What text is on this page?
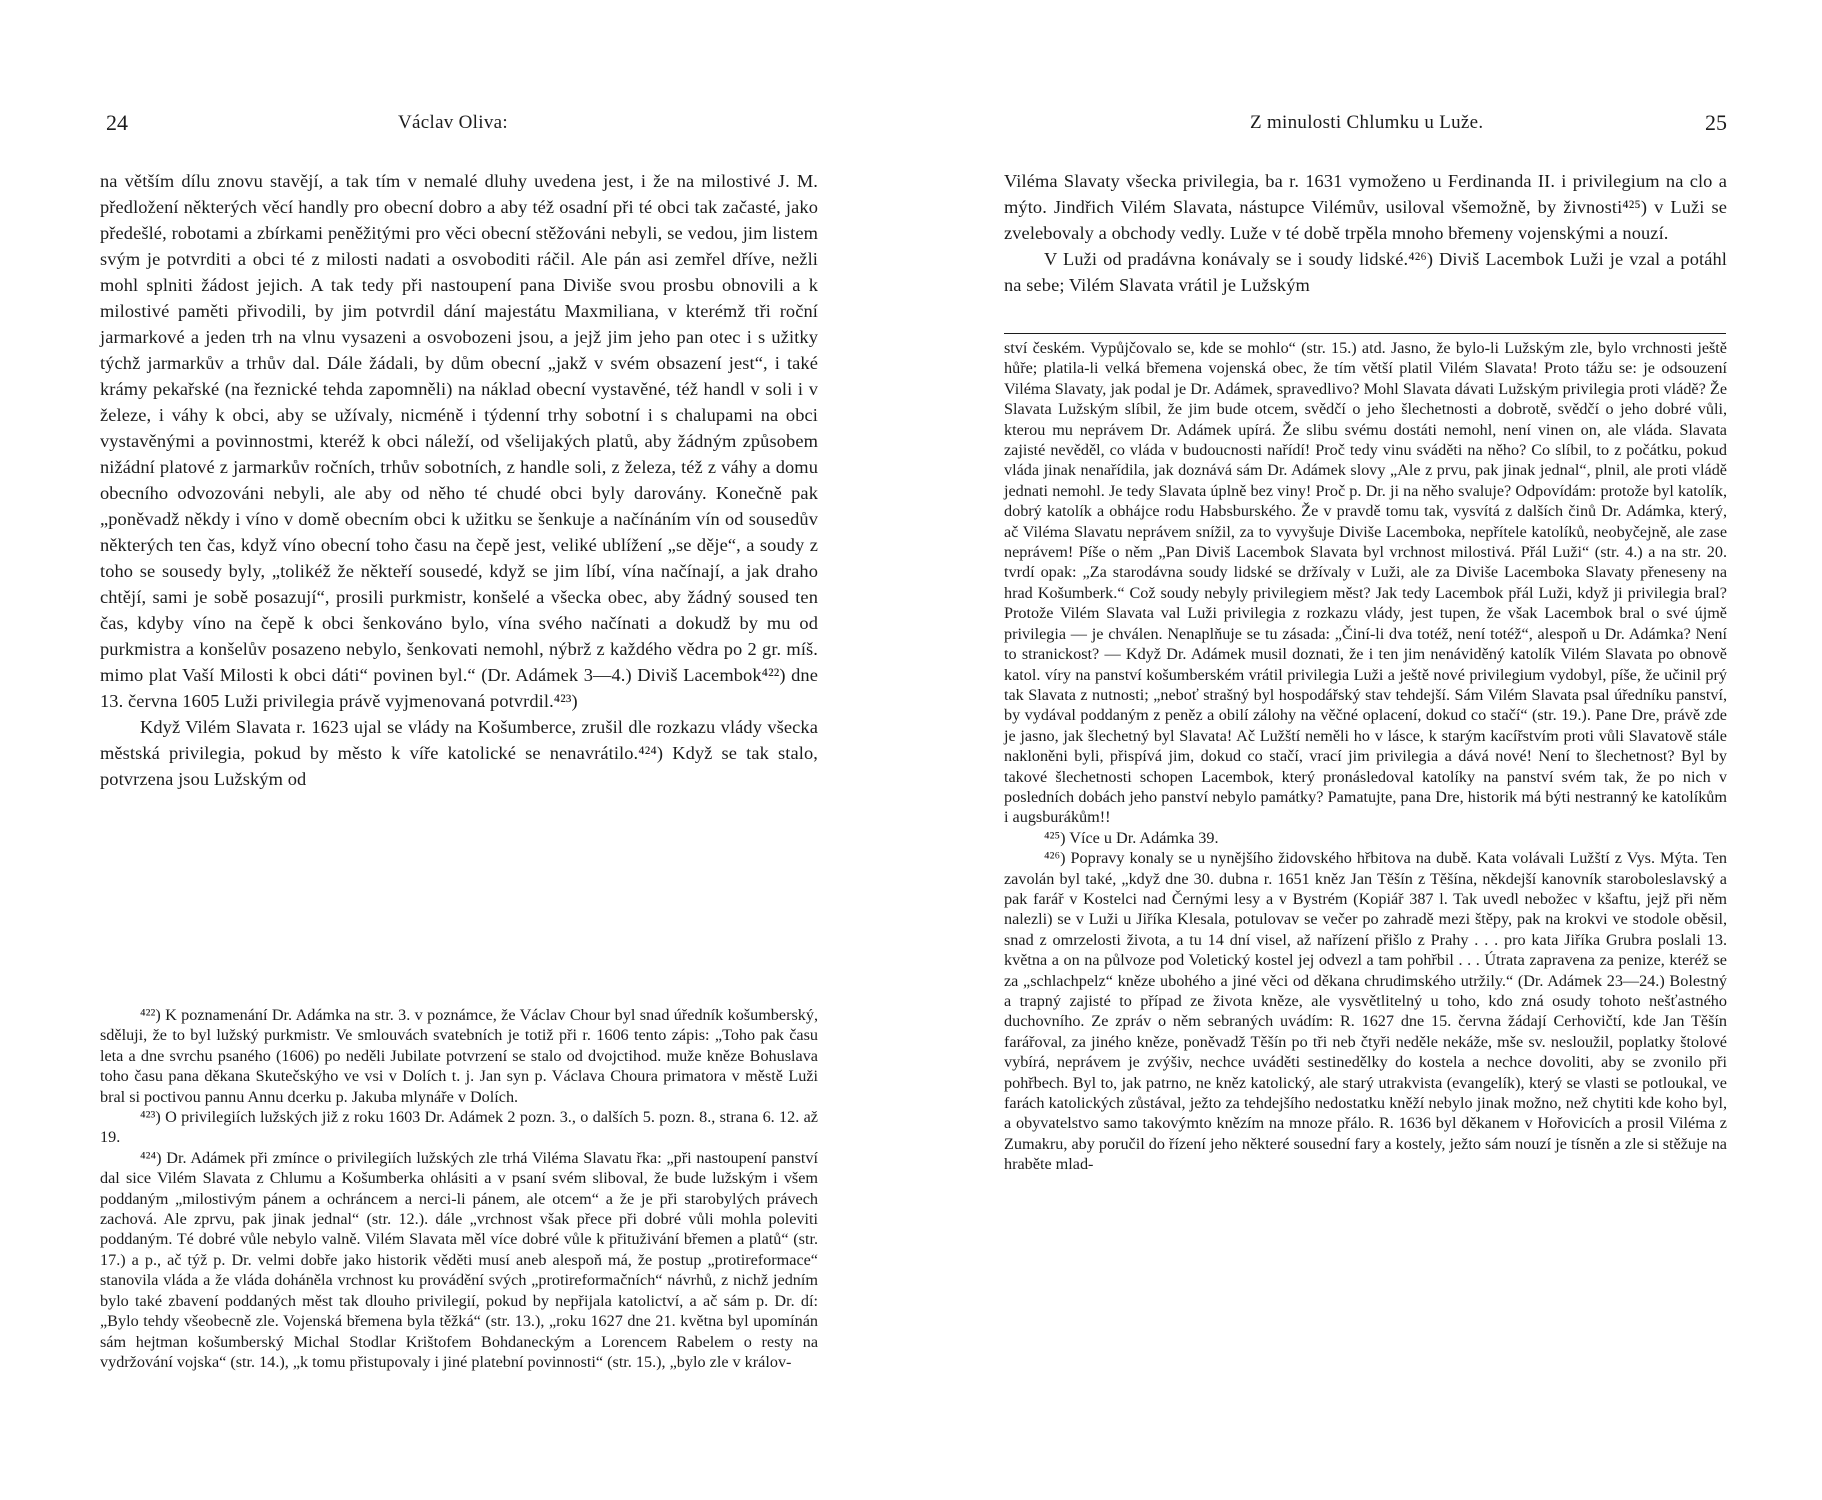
24	Václav Oliva:

na větším dílu znovu stavějí, a tak tím v nemalé dluhy uvedena jest, i že na milostivé J. M. předložení některých věcí handly pro obecní dobro a aby též osadní při té obci tak začasté, jako předešlé, robotami a zbírkami peněžitými pro věci obecní stěžováni nebyli, se vedou, jim listem svým je potvrditi a obci té z milosti nadati a osvoboditi ráčil. Ale pán asi zemřel dříve, nežli mohl splniti žádost jejich. A tak tedy při nastoupení pana Diviše svou prosbu obnovili a k milostivé paměti přivodili, by jim potvrdil dání majestátu Maxmiliana, v kterémž tři roční jarmarkové a jeden trh na vlnu vysazeni a osvobozeni jsou, a jejž jim jeho pan otec i s užitky týchž jarmarkův a trhův dal. Dále žádali, by dům obecní „jakž v svém obsazení jest“, i také krámy pekařské (na řeznické tehda zapomněli) na náklad obecní vystavěné, též handl v soli i v železe, i váhy k obci, aby se užívaly, nicméně i týdenní trhy sobotní i s chalupami na obci vystavěnými a povinnostmi, kteréž k obci náleží, od všelijakých platů, aby žádným způsobem nižádní platové z jarmarkův ročních, trhův sobotních, z handle soli, z železa, též z váhy a domu obecního odvozováni nebyli, ale aby od něho té chudé obci byly darovány. Konečně pak „poněvadž někdy i víno v domě obecním obci k užitku se šenkuje a načínáním vín od sousedův některých ten čas, když víno obecní toho času na čepě jest, veliké ublížení „se děje“, a soudy z toho se sousedy byly, „tolikéž že někteří sousedé, když se jim líbí, vína načínají, a jak draho chtějí, sami je sobě posazují“, prosili purkmistr, konšelé a všecka obec, aby žádný soused ten čas, kdyby víno na čepě k obci šenkováno bylo, vína svého načínati a dokudž by mu od purkmistra a konšelův posazeno nebylo, šenkovati nemohl, nýbrž z každého vědra po 2 gr. míš. mimo plat Vaší Milosti k obci dáti“ povinen byl.“ (Dr. Adámek 3—4.) Diviš Lacembok⁴²²) dne 13. června 1605 Luži privilegia právě vyjmenovaná potvrdil.⁴²³)

Když Vilém Slavata r. 1623 ujal se vlády na Košumberce, zrušil dle rozkazu vlády všecka městská privilegia, pokud by město k víře katolické se nenavrátilo.⁴²⁴) Když se tak stalo, potvrzena jsou Lužským od

⁴²²) K poznamenání Dr. Adámka na str. 3. v poznámce, že Václav Chour byl snad úředník košumberský, sděluji, že to byl lužský purkmistr. Ve smlouvách svatebních je totiž při r. 1606 tento zápis: „Toho pak času leta a dne svrchu psaného (1606) po neděli Jubilate potvrzení se stalo od dvojctihod. muže kněze Bohuslava toho času pana děkana Skutečskýho ve vsi v Dolích t. j. Jan syn p. Václava Choura primatora v městě Luži bral si poctivou pannu Annu dcerku p. Jakuba mlynáře v Dolích.

⁴²³) O privilegiích lužských již z roku 1603 Dr. Adámek 2 pozn. 3., o dalších 5. pozn. 8., strana 6. 12. až 19.

⁴²⁴) Dr. Adámek při zmínce o privilegiích lužských zle trhá Viléma Slavatu řka: „při nastoupení panství dal sice Vilém Slavata z Chlumu a Košumberka ohlásiti a v psaní svém sliboval, že bude lužským i všem poddaným „milostivým pánem a ochráncem a nerci-li pánem, ale otcem“ a že je při starobylých právech zachová. Ale zprvu, pak jinak jednal“ (str. 12.). dále „vrchnost však přece při dobré vůli mohla poleviti poddaným. Té dobré vůle nebylo valně. Vilém Slavata měl více dobré vůle k přituživání břemen a platů“ (str. 17.) a p., ač týž p. Dr. velmi dobře jako historik věděti musí aneb alespoň má, že postup „protireformace“ stanovila vláda a že vláda doháněla vrchnost ku provádění svých „protireformačních“ návrhů, z nichž jedním bylo také zbavení poddaných měst tak dlouho privilegií, pokud by nepřijala katolictví, a ač sám p. Dr. dí: „Bylo tehdy všeobecně zle. Vojenská břemena byla těžká“ (str. 13.), „roku 1627 dne 21. května byl upomínán sám hejtman košumberský Michal Stodlar Krištofem Bohdaneckým a Lorencem Rabelem o resty na vydržování vojska“ (str. 14.), „k tomu přistupovaly i jiné platební povinnosti“ (str. 15.), „bylo zle v králov-

Z minulosti Chlumku u Luže.	25

Viléma Slavaty všecka privilegia, ba r. 1631 vymoženo u Ferdinanda II. i privilegium na clo a mýto. Jindřich Vilém Slavata, nástupce Vilémův, usiloval všemožně, by živnosti⁴²⁵) v Luži se zvelebovaly a obchody vedly. Luže v té době trpěla mnoho břemeny vojenskými a nouzí.

V Luži od pradávna konávaly se i soudy lidské.⁴²⁶) Diviš Lacembok Luži je vzal a potáhl na sebe; Vilém Slavata vrátil je Lužským

ství českém. Vypůjčovalo se, kde se mohlo“ (str. 15.) atd. Jasno, že bylo-li Lužským zle, bylo vrchnosti ještě hůře; platila-li velká břemena vojenská obec, že tím větší platil Vilém Slavata! Proto tážu se: je odsouzení Viléma Slavaty, jak podal je Dr. Adámek, spravedlivo? Mohl Slavata dávati Lužským privilegia proti vládě? Že Slavata Lužským slíbil, že jim bude otcem, svědčí o jeho šlechetnosti a dobrotě, svědčí o jeho dobré vůli, kterou mu neprávem Dr. Adámek upírá. Že slibu svému dostáti nemohl, není vinen on, ale vláda. Slavata zajisté nevěděl, co vláda v budoucnosti nařídí! Proč tedy vinu sváděti na něho? Co slíbil, to z počátku, pokud vláda jinak nenařídila, jak doznává sám Dr. Adámek slovy „Ale z prvu, pak jinak jednal“, plnil, ale proti vládě jednati nemohl. Je tedy Slavata úplně bez viny! Proč p. Dr. ji na něho svaluje? Odpovídám: protože byl katolík, dobrý katolík a obhájce rodu Habsburského. Že v pravdě tomu tak, vysvítá z dalších činů Dr. Adámka, který, ač Viléma Slavatu neprávem snížil, za to vyvyšuje Diviše Lacemboka, nepřítele katolíků, neobyčejně, ale zase neprávem! Píše o něm „Pan Diviš Lacembok Slavata byl vrchnost milostivá. Přál Luži“ (str. 4.) a na str. 20. tvrdí opak: „Za starodávna soudy lidské se držívaly v Luži, ale za Diviše Lacemboka Slavaty přeneseny na hrad Košumberk.“ Což soudy nebyly privilegiem měst? Jak tedy Lacembok přál Luži, když ji privilegia bral? Protože Vilém Slavata val Luži privilegia z rozkazu vlády, jest tupen, že však Lacembok bral o své újmě privilegia — je chválen. Nenaplňuje se tu zásada: „Činí-li dva totéž, není totéž“, alespoň u Dr. Adámka? Není to stranickost? — Když Dr. Adámek musil doznati, že i ten jim nenáviděný katolík Vilém Slavata po obnově katol. víry na panství košumberském vrátil privilegia Luži a ještě nové privilegium vydobyl, píše, že učinil prý tak Slavata z nutnosti; „neboť strašný byl hospodářský stav tehdejší. Sám Vilém Slavata psal úředníku panství, by vydával poddaným z peněz a obilí zálohy na věčné oplacení, dokud co stačí“ (str. 19.). Pane Dre, právě zde je jasno, jak šlechetný byl Slavata! Ač Lužští neměli ho v lásce, k starým kacířstvím proti vůli Slavatově stále nakloněni byli, přispívá jim, dokud co stačí, vrací jim privilegia a dává nové! Není to šlechetnost? Byl by takové šlechetnosti schopen Lacembok, který pronásledoval katolíky na panství svém tak, že po nich v posledních dobách jeho panství nebylo památky? Pamatujte, pana Dre, historik má býti nestranný ke katolíkům i augsburákům!!

⁴²⁵) Více u Dr. Adámka 39.

⁴²⁶) Popravy konaly se u nynějšího židovského hřbitova na dubě. Kata volávali Lužští z Vys. Mýta. Ten zavolán byl také, „když dne 30. dubna r. 1651 kněz Jan Těšín z Těšína, někdejší kanovník staroboleslavský a pak farář v Kostelci nad Černými lesy a v Bystrém (Kopiář 387 l. Tak uvedl nebožec v kšaftu, jejž při něm nalezli) se v Luži u Jiříka Klesala, potulovav se večer po zahradě mezi štěpy, pak na krokvi ve stodole oběsil, snad z omrzelosti života, a tu 14 dní visel, až nařízení přišlo z Prahy . . . pro kata Jiříka Grubra poslali 13. května a on na půlvoze pod Voletický kostel jej odvezl a tam pohřbil . . . Útrata zapravena za penize, kteréž se za „schlachpelz“ kněze ubohého a jiné věci od děkana chrudimského utržily.“ (Dr. Adámek 23—24.) Bolestný a trapný zajisté to případ ze života kněze, ale vysvětlitelný u toho, kdo zná osudy tohoto nešťastného duchovního. Ze zpráv o něm sebraných uvádím: R. 1627 dne 15. června žádají Cerhovičtí, kde Jan Těšín farářoval, za jiného kněze, poněvadž Těšín po tři neb čtyři neděle nekáže, mše sv. nesloužil, poplatky štolové vybírá, neprávem je zvýšiv, nechce uváděti sestinedělky do kostela a nechce dovoliti, aby se zvonilo při pohřbech. Byl to, jak patrno, ne kněz katolický, ale starý utrakvista (evangelík), který se vlasti se potloukal, ve farách katolických zůstával, ježto za tehdejšího nedostatku kněží nebylo jinak možno, než chytiti kde koho byl, a obyvatelstvo samo takovýmto knězím na mnoze přálo. R. 1636 byl děkanem v Hořovicích a prosil Viléma z Zumakru, aby poručil do řízení jeho některé sousední fary a kostely, ježto sám nouzí je tísněn a zle si stěžuje na hraběte mlad-
